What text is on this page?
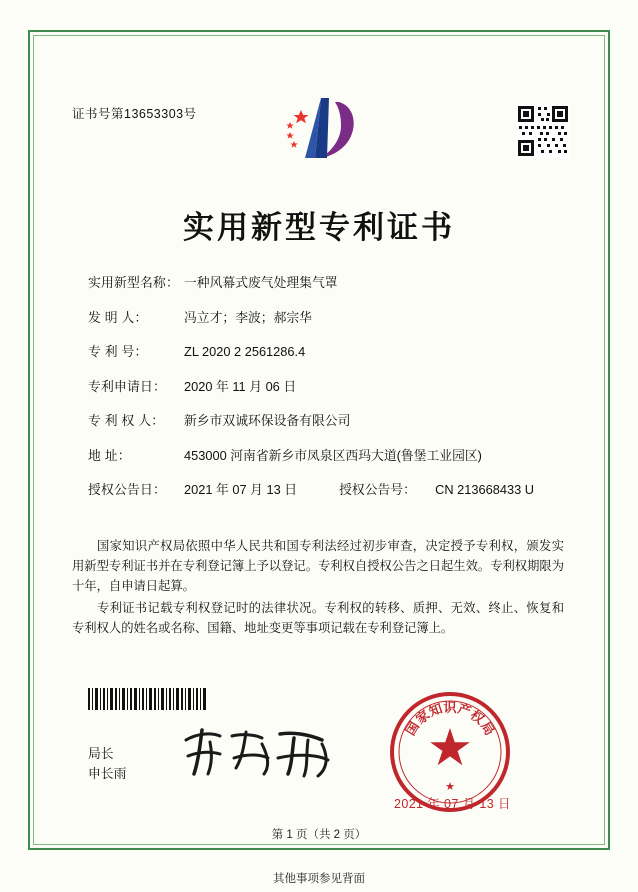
证书号第13653303号
实用新型专利证书
实用新型名称： 一种风幕式废气处理集气罩
发 明 人：	冯立才；李波；郝宗华
专 利 号：	ZL 2020 2 2561286.4
专利申请日：	2020 年 11 月 06 日
专 利 权 人：	新乡市双诚环保设备有限公司
地 址：	453000 河南省新乡市凤泉区西玛大道(鲁堡工业园区)
授权公告日：	2021 年 07 月 13 日	授权公告号：	CN 213668433 U

国家知识产权局依照中华人民共和国专利法经过初步审查，决定授予专利权，颁发实用新型专利证书并在专利登记簿上予以登记。专利权自授权公告之日起生效。专利权期限为十年，自申请日起算。

专利证书记载专利权登记时的法律状况。专利权的转移、质押、无效、终止、恢复和专利权人的姓名或名称、国籍、地址变更等事项记载在专利登记簿上。

局长
申长雨
国
家
知 识 产
权
局
★
2021 年 07 月 13 日
第 1 页（共 2 页）
其他事项参见背面
